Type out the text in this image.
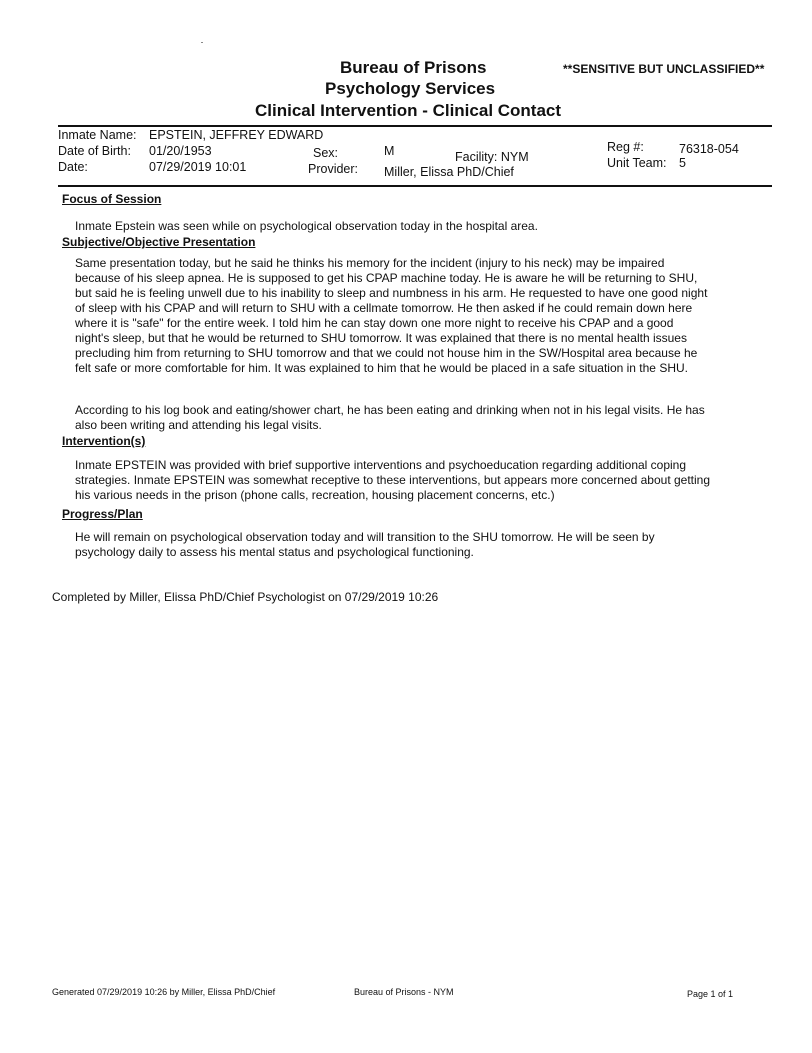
Bureau of Prisons
Psychology Services
Clinical Intervention - Clinical Contact
**SENSITIVE BUT UNCLASSIFIED**
Inmate Name: EPSTEIN, JEFFREY EDWARD
Date of Birth: 01/20/1953	Sex:	M	Facility: NYM
Date:	07/29/2019 10:01	Provider: Miller, Elissa PhD/Chief
Reg #:	76318-054
Unit Team: 5
Focus of Session
Inmate Epstein was seen while on psychological observation today in the hospital area.
Subjective/Objective Presentation
Same presentation today, but he said he thinks his memory for the incident (injury to his neck) may be impaired
because of his sleep apnea. He is supposed to get his CPAP machine today. He is aware he will be returning to SHU,
but said he is feeling unwell due to his inability to sleep and numbness in his arm. He requested to have one good night
of sleep with his CPAP and will return to SHU with a cellmate tomorrow. He then asked if he could remain down here
where it is "safe" for the entire week. I told him he can stay down one more night to receive his CPAP and a good
night's sleep, but that he would be returned to SHU tomorrow. It was explained that there is no mental health issues
precluding him from returning to SHU tomorrow and that we could not house him in the SW/Hospital area because he
felt safe or more comfortable for him. It was explained to him that he would be placed in a safe situation in the SHU.
According to his log book and eating/shower chart, he has been eating and drinking when not in his legal visits. He has
also been writing and attending his legal visits.
Intervention(s)
Inmate EPSTEIN was provided with brief supportive interventions and psychoeducation regarding additional coping
strategies. Inmate EPSTEIN was somewhat receptive to these interventions, but appears more concerned about getting
his various needs in the prison (phone calls, recreation, housing placement concerns, etc.)
Progress/Plan
He will remain on psychological observation today and will transition to the SHU tomorrow. He will be seen by
psychology daily to assess his mental status and psychological functioning.
Completed by Miller, Elissa PhD/Chief Psychologist on 07/29/2019 10:26
Generated 07/29/2019 10:26 by Miller, Elissa PhD/Chief	Bureau of Prisons - NYM	Page 1 of 1
